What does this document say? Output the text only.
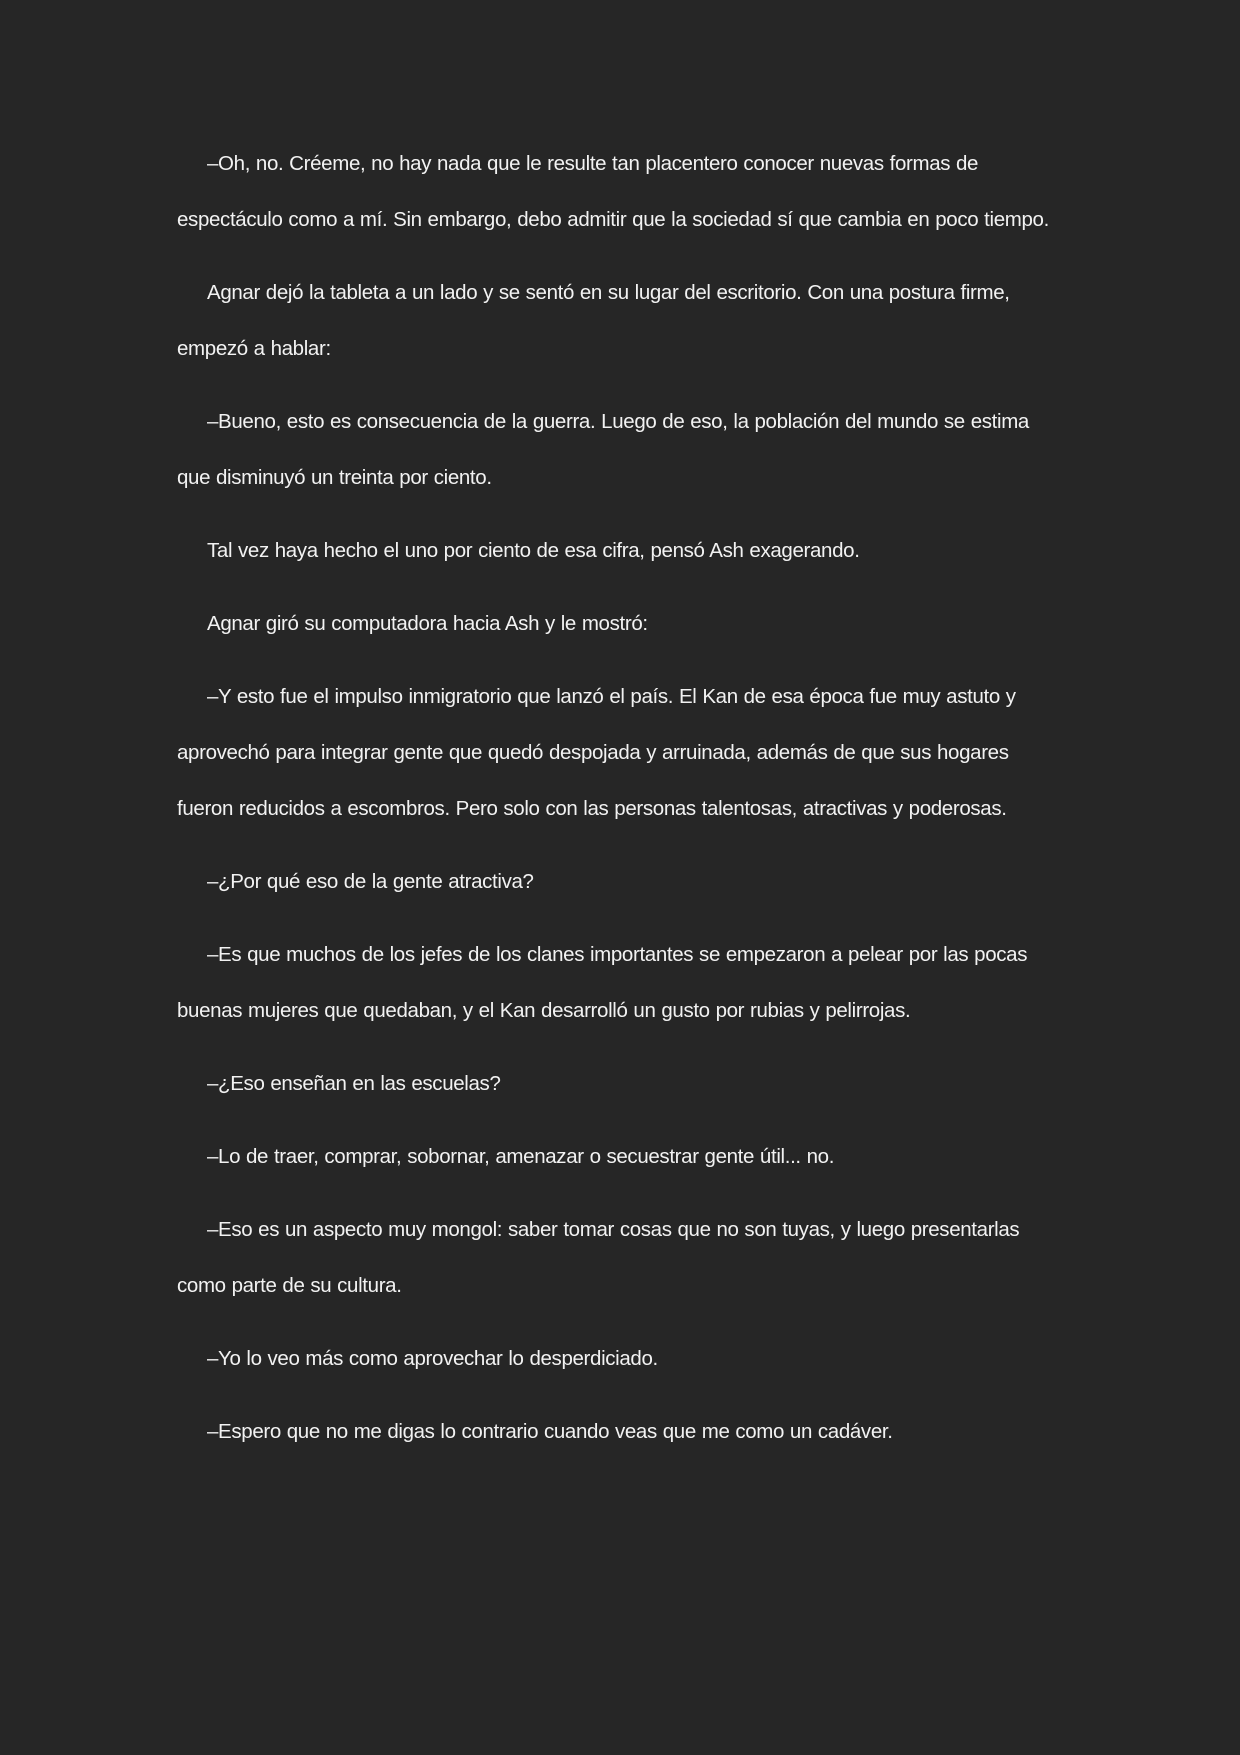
–Oh, no. Créeme, no hay nada que le resulte tan placentero conocer nuevas formas de espectáculo como a mí. Sin embargo, debo admitir que la sociedad sí que cambia en poco tiempo.

Agnar dejó la tableta a un lado y se sentó en su lugar del escritorio. Con una postura firme, empezó a hablar:

–Bueno, esto es consecuencia de la guerra. Luego de eso, la población del mundo se estima que disminuyó un treinta por ciento.

Tal vez haya hecho el uno por ciento de esa cifra, pensó Ash exagerando.

Agnar giró su computadora hacia Ash y le mostró:

–Y esto fue el impulso inmigratorio que lanzó el país. El Kan de esa época fue muy astuto y aprovechó para integrar gente que quedó despojada y arruinada, además de que sus hogares fueron reducidos a escombros. Pero solo con las personas talentosas, atractivas y poderosas.

–¿Por qué eso de la gente atractiva?

–Es que muchos de los jefes de los clanes importantes se empezaron a pelear por las pocas buenas mujeres que quedaban, y el Kan desarrolló un gusto por rubias y pelirrojas.

–¿Eso enseñan en las escuelas?

–Lo de traer, comprar, sobornar, amenazar o secuestrar gente útil... no.

–Eso es un aspecto muy mongol: saber tomar cosas que no son tuyas, y luego presentarlas como parte de su cultura.

–Yo lo veo más como aprovechar lo desperdiciado.

–Espero que no me digas lo contrario cuando veas que me como un cadáver.
